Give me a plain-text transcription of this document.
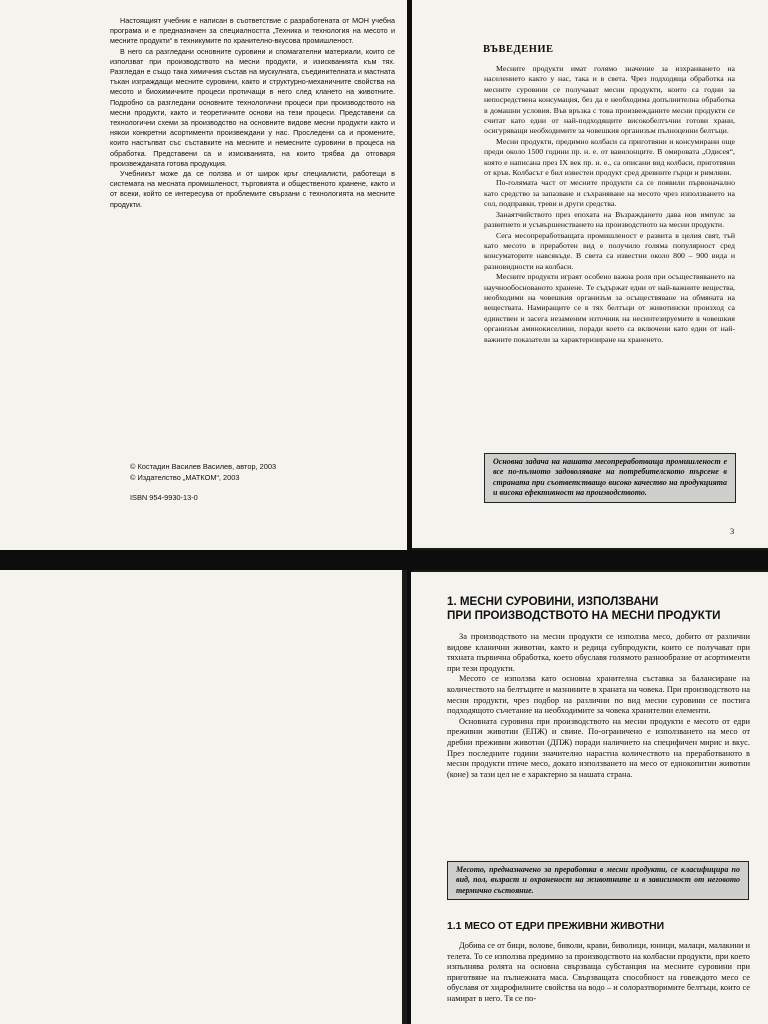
Настоящият учебник е написан в съответствие с разработената от МОН учебна програма и е предназначен за специалността „Техника и технология на месото и месните продукти“ в техникумите по хранително-вкусова промишленост.

В него са разгледани основните суровини и спомагателни материали, които се използват при производството на месни продукти, и изискванията към тях. Разгледан е също така химичния състав на мускулната, съединителната и мастната тъкан изграждащи месните суровини, както и структурно-механичните свойства на месото и биохимичните процеси протичащи в него след клането на животните. Подробно са разгледани основните технологични процеси при производството на месни продукти, както и теоретичните основи на тези процеси. Представени са технологични схеми за производство на основните видове месни продукти както и някои конкретни асортименти произвеждани у нас. Проследени са и промените, които настъпват със съставките на месните и немесните суровини в процеса на обработка. Представени са и изискванията, на които трябва да отговаря произвежданата готова продукция.

Учебникът може да се ползва и от широк кръг специалисти, работещи в системата на месната промишленост, търговията и общественото хранене, както и от всеки, който се интересува от проблемите свързани с технологията на месните продукти.

© Костадин Василев Василев, автор, 2003
© Издателство „МАТКОМ“, 2003
ISBN 954-9930-13-0
ВЪВЕДЕНИЕ

Месните продукти имат голямо значение за изхранването на населението както у нас, така и в света. Чрез подходяща обработка на месните суровини се получават месни продукти, които са годни за непосредствена консумация, без да е необходима допълнителна обработка в домашни условия. Във връзка с това произвежданите месни продукти се считат като едни от най-подходящите високобелтъчни готови храни, осигуряващи необходимите за човешкия организъм пълноценни белтъци.

Месни продукти, предимно колбаси са приготвяни и консумирани още преди около 1500 години пр. н. е. от вавилонците. В омировата „Одисея“, която е написана през IX век пр. н. е., са описани вид колбаси, приготвяни от кръв. Колбасът е бил известен продукт сред древните гърци и римляни.

По-голямата част от месните продукти са се появили първоначално като средство за запазване и съхраняване на месото чрез използването на сол, подправки, треви и други средства.

Занаятчийството през епохата на Възраждането дава нов импулс за развитието и усъвършенстването на производството на месни продукти.

Сега месопреработващата промишленост е развита в целия свят, тъй като месото в преработен вид е получило голяма популярност сред консуматорите навсякъде. В света са известни около 800 – 900 вида и разновидности на колбаси.

Месните продукти играят особено важна роля при осъществяването на научнообоснованото хранене. Те съдържат едни от най-важните вещества, необходими на човешкия организъм за осъществяване на обмяната на веществата. Намиращите се в тях белтъци от животински произход са единствен и засега незаменим източник на несинтезируемите в човешкия организъм аминокиселини, поради което са включени като едни от най-важните показатели за характеризиране на храненето.

Основна задача на нашата месопреработваща промишленост е все по-пълното задоволяване на потребителското търсене в страната при съответстващо високо качество на продукцията и висока ефективност на производството.
3
1. МЕСНИ СУРОВИНИ, ИЗПОЛЗВАНИ
ПРИ ПРОИЗВОДСТВОТО НА МЕСНИ ПРОДУКТИ

За производството на месни продукти се използва месо, добито от различни видове кланични животни, както и редица субпродукти, които се получават при тяхната първична обработка, което обуславя голямото разнообразие от асортименти при тези продукти.

Месото се използва като основна хранителна съставка за балансиране на количеството на белтъците и мазнините в храната на човека. При производството на месни продукти, чрез подбор на различни по вид месни суровини се постига подходящото съчетание на необходимите за човека хранителни елементи.

Основната суровина при производството на месни продукти е месото от едри преживни животни (ЕПЖ) и свине. По-ограничено е използването на месо от дребни преживни животни (ДПЖ) поради наличието на специфичен мирис и вкус. През последните години значително нарастна количеството на преработваното в месни продукти птиче месо, докато използването на месо от еднокопитни животни (коне) за тази цел не е характерно за нашата страна.

Месото, предназначено за преработка в месни продукти, се класифицира по вид, пол, възраст и охраненост на животните и в зависимост от неговото термично състояние.
1.1 МЕСО ОТ ЕДРИ ПРЕЖИВНИ ЖИВОТНИ

Добива се от бици, волове, биволи, крави, биволици, юници, малаци, малакини и телета. То се използва предимно за производството на колбасни продукти, при което изпълнява ролята на основна свързваща субстанция на месните суровини при приготвяне на пълнежната маса. Свързващата способност на говеждото месо се обуславя от хидрофилните свойства на водо – и солоразтворимите белтъци, които се намират в него. Тя се по-
